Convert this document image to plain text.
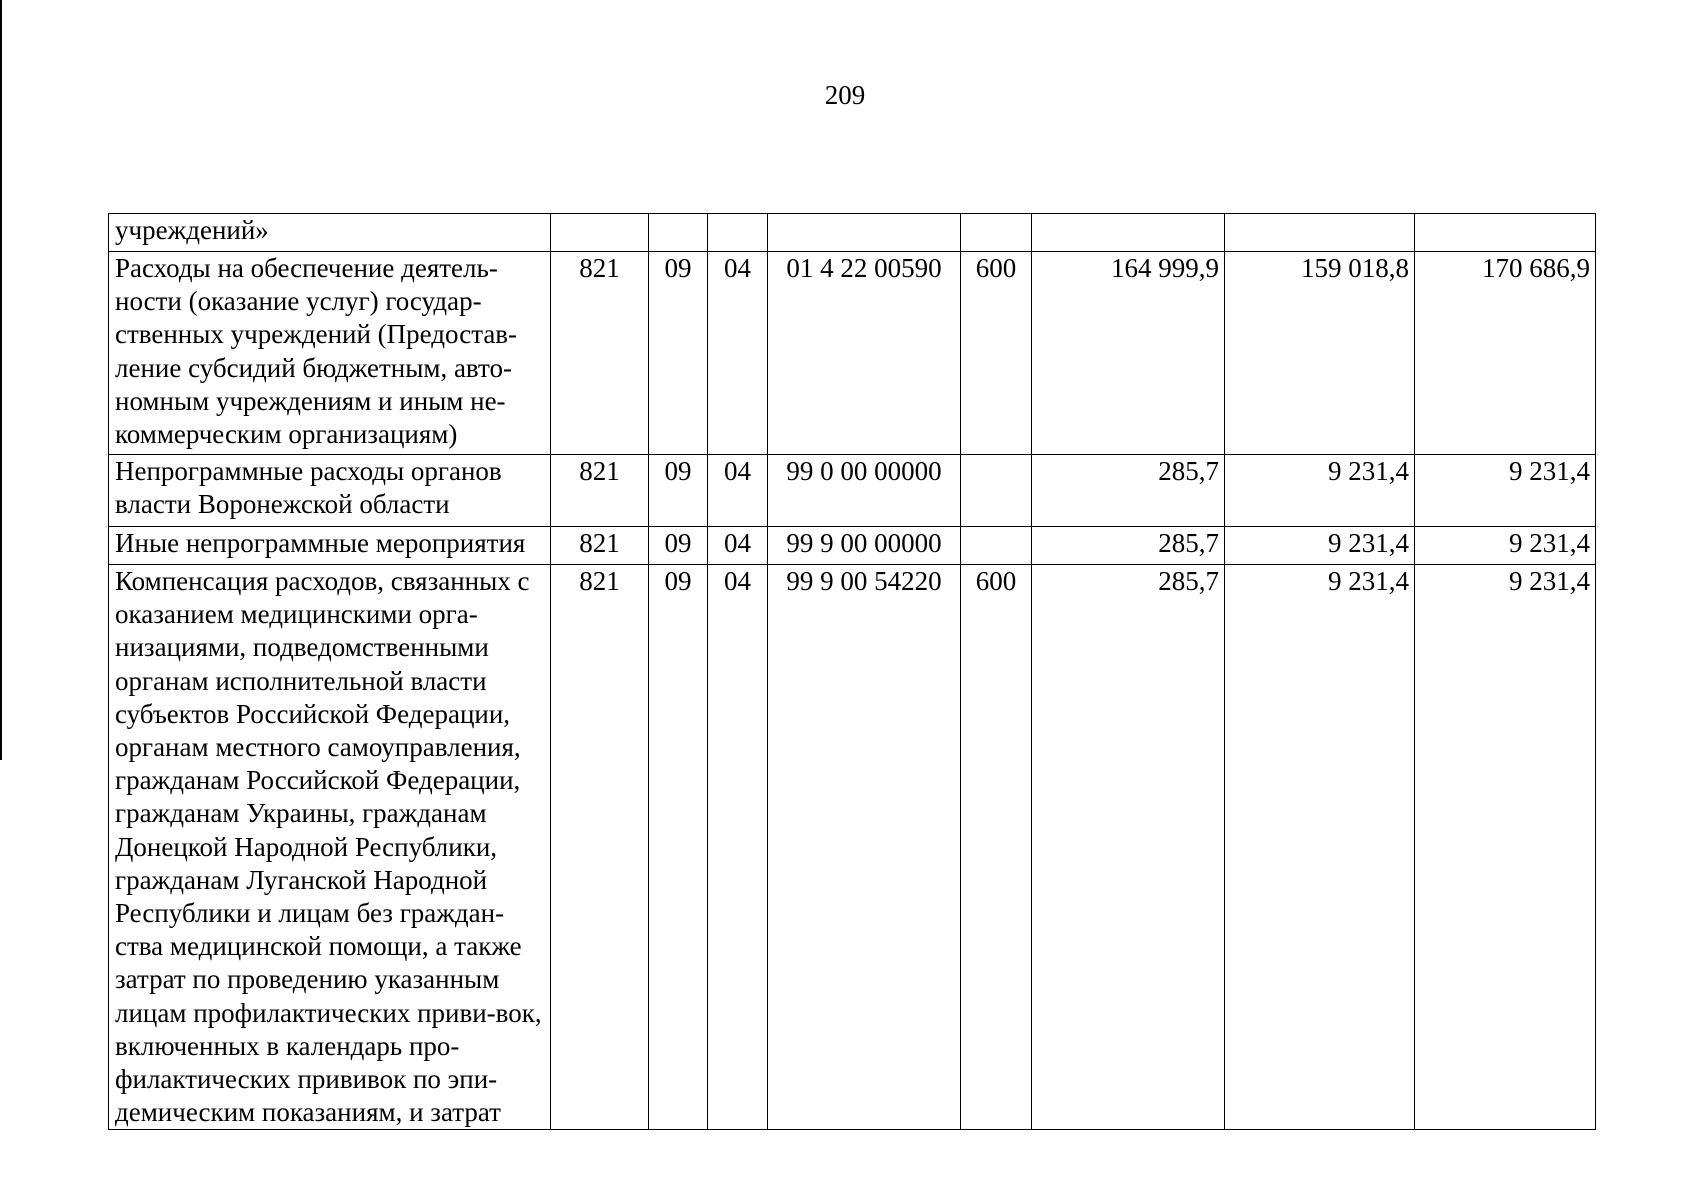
209
учреждений»								
Расходы на обеспечение деятель-ности (оказание услуг) государ-ственных учреждений (Предостав-ление субсидий бюджетным, авто-номным учреждениям и иным не-коммерческим организациям)	821	09	04	01 4 22 00590	600	164 999,9	159 018,8	170 686,9
Непрограммные расходы органов власти Воронежской области	821	09	04	99 0 00 00000		285,7	9 231,4	9 231,4
Иные непрограммные мероприятия	821	09	04	99 9 00 00000		285,7	9 231,4	9 231,4
Компенсация расходов, связанных с оказанием медицинскими орга-низациями, подведомственными органам исполнительной власти субъектов Российской Федерации, органам местного самоуправления, гражданам Российской Федерации, гражданам Украины, гражданам Донецкой Народной Республики, гражданам Луганской Народной Республики и лицам без граждан-ства медицинской помощи, а также затрат по проведению указанным лицам профилактических приви-вок, включенных в календарь про-филактических прививок по эпи-демическим показаниям, и затрат	821	09	04	99 9 00 54220	600	285,7	9 231,4	9 231,4
